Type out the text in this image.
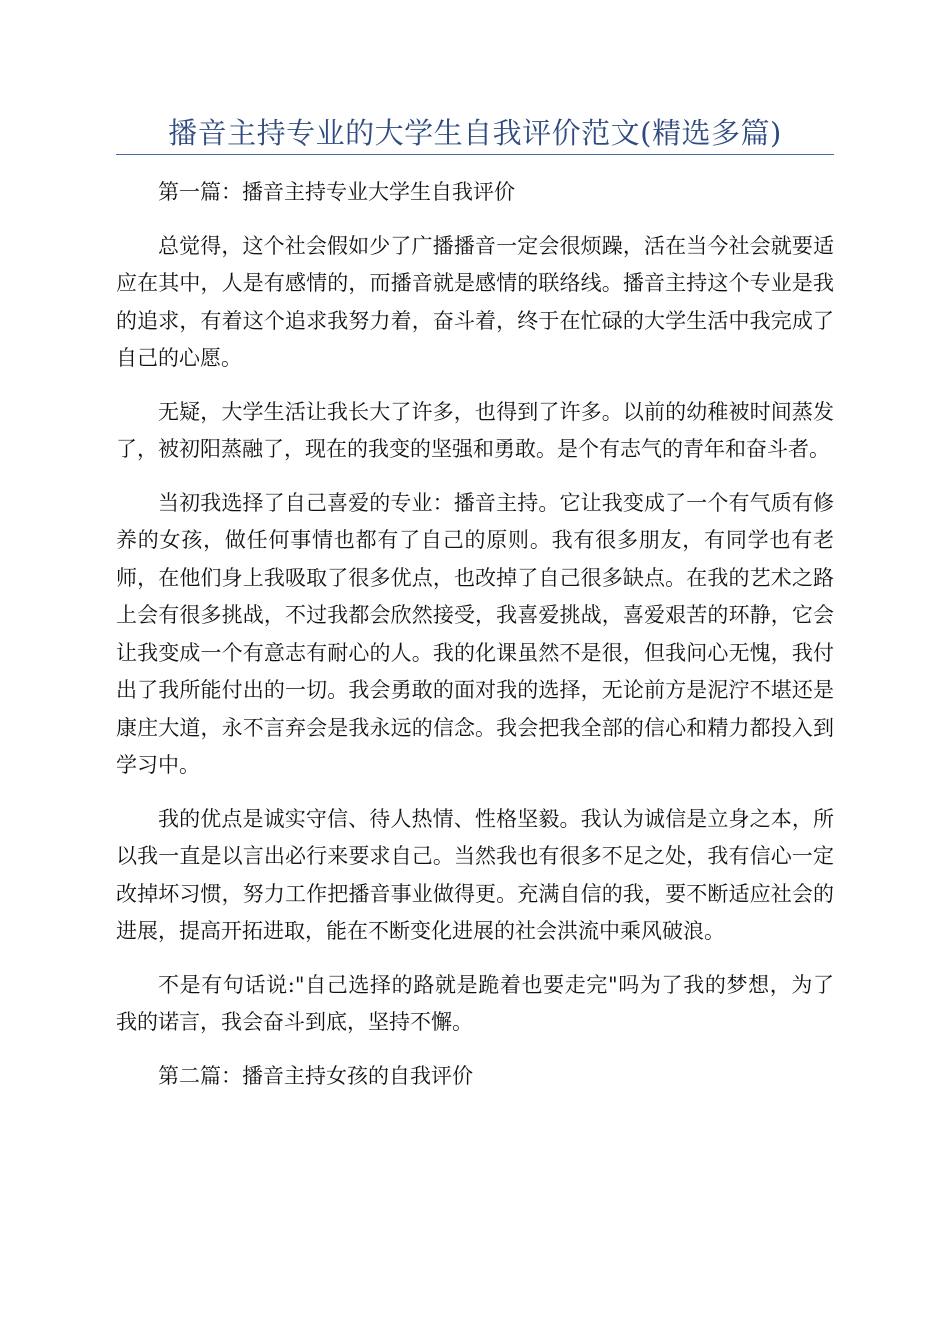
播音主持专业的大学生自我评价范文(精选多篇)

第一篇：播音主持专业大学生自我评价

总觉得，这个社会假如少了广播播音一定会很烦躁，活在当今社会就要适应在其中，人是有感情的，而播音就是感情的联络线。播音主持这个专业是我的追求，有着这个追求我努力着，奋斗着，终于在忙碌的大学生活中我完成了自己的心愿。

无疑，大学生活让我长大了许多，也得到了许多。以前的幼稚被时间蒸发了，被初阳蒸融了，现在的我变的坚强和勇敢。是个有志气的青年和奋斗者。

当初我选择了自己喜爱的专业：播音主持。它让我变成了一个有气质有修养的女孩，做任何事情也都有了自己的原则。我有很多朋友，有同学也有老师，在他们身上我吸取了很多优点，也改掉了自己很多缺点。在我的艺术之路上会有很多挑战，不过我都会欣然接受，我喜爱挑战，喜爱艰苦的环静，它会让我变成一个有意志有耐心的人。我的化课虽然不是很，但我问心无愧，我付出了我所能付出的一切。我会勇敢的面对我的选择，无论前方是泥泞不堪还是康庄大道，永不言弃会是我永远的信念。我会把我全部的信心和精力都投入到学习中。

我的优点是诚实守信、待人热情、性格坚毅。我认为诚信是立身之本，所以我一直是以言出必行来要求自己。当然我也有很多不足之处，我有信心一定改掉坏习惯，努力工作把播音事业做得更。充满自信的我，要不断适应社会的进展，提高开拓进取，能在不断变化进展的社会洪流中乘风破浪。

不是有句话说:"自己选择的路就是跪着也要走完"吗为了我的梦想，为了我的诺言，我会奋斗到底，坚持不懈。

第二篇：播音主持女孩的自我评价
